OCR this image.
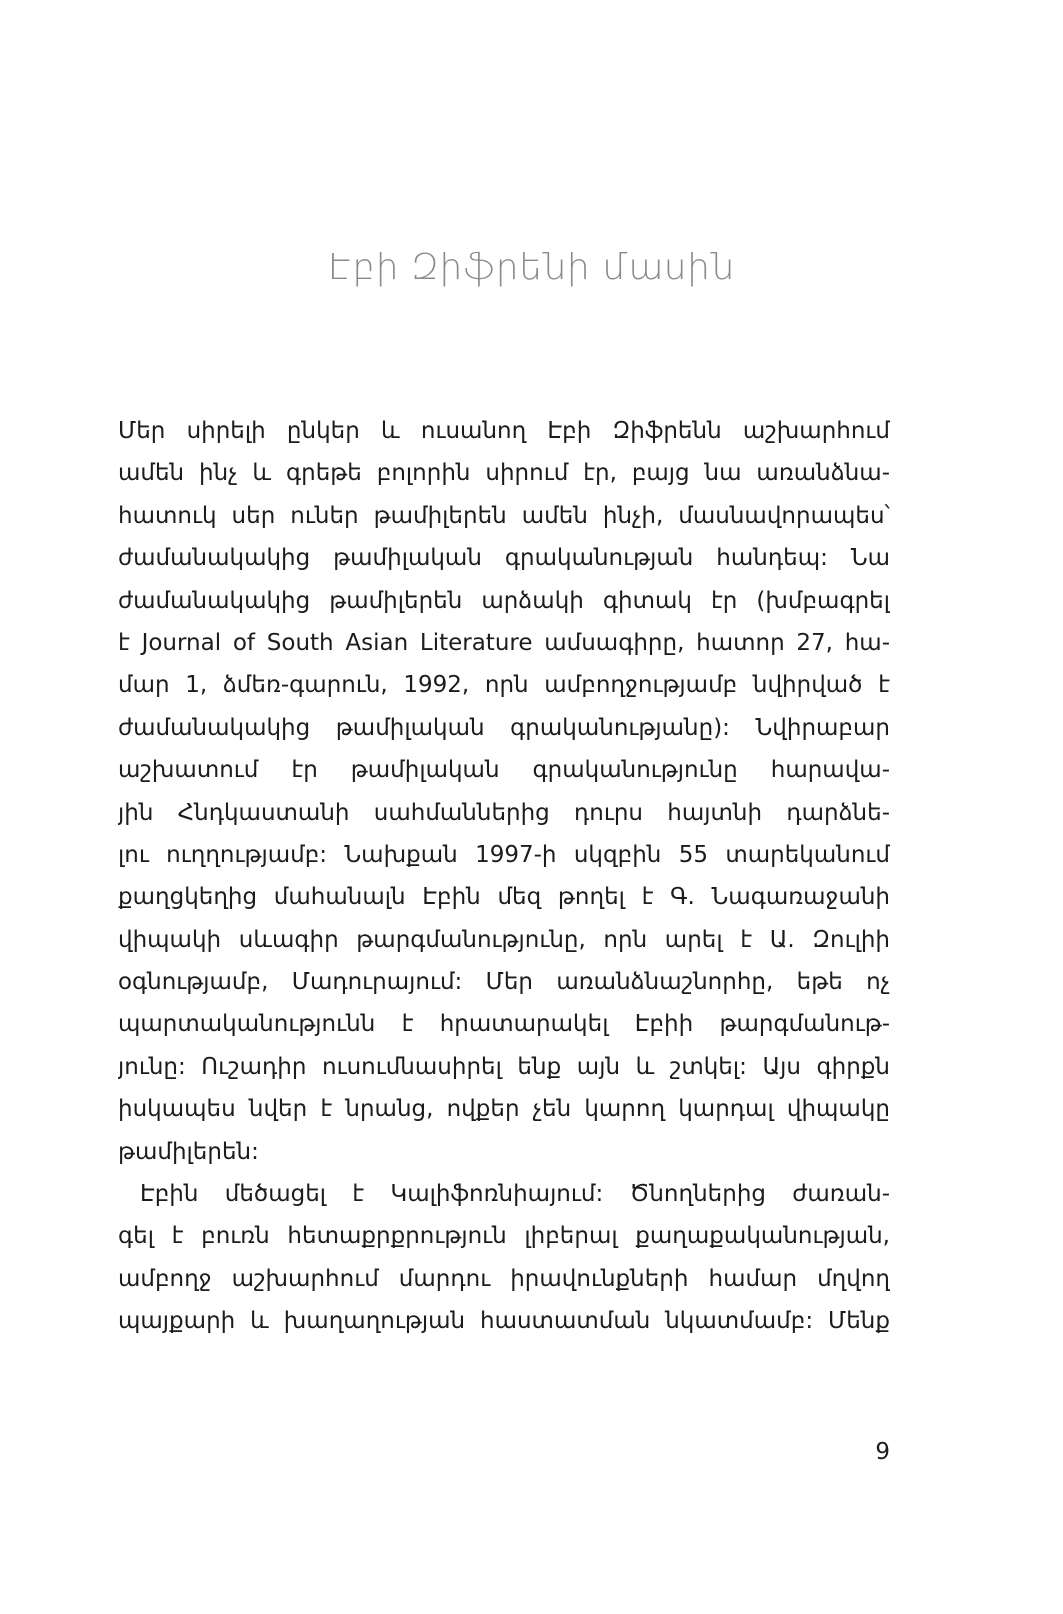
Էբի Զիֆրենի մասին
Մեր սիրելի ընկեր և ուսանող Էբի Զիֆրենն աշխարհում
ամեն ինչ և գրեթե բոլորին սիրում էր, բայց նա առանձնա-
հատուկ սեր ուներ թամիլերեն ամեն ինչի, մասնավորապես՝
ժամանակակից թամիլական գրականության հանդեպ: Նա
ժամանակակից թամիլերեն արձակի գիտակ էր (խմբագրել
է Journal of South Asian Literature ամսագիրը, հատոր 27, հա-
մար 1, ձմեռ-գարուն, 1992, որն ամբողջությամբ նվիրված է
ժամանակակից թամիլական գրականությանը): Նվիրաբար
աշխատում էր թամիլական գրականությունը հարավա-
յին Հնդկաստանի սահմաններից դուրս հայտնի դարձնե-
լու ուղղությամբ: Նախքան 1997-ի սկզբին 55 տարեկանում
քաղցկեղից մահանալն Էբին մեզ թողել է Գ. Նագառաջանի
վիպակի սևագիր թարգմանությունը, որն արել է Ա. Զուլիի
օգնությամբ, Մադուրայում: Մեր առանձնաշնորհը, եթե ոչ
պարտականությունն է հրատարակել Էբիի թարգմանութ-
յունը: Ուշադիր ուսումնասիրել ենք այն և շտկել: Այս գիրքն
իսկապես նվեր է նրանց, ովքեր չեն կարող կարդալ վիպակը
թամիլերեն:
Էբին մեծացել է Կալիֆոռնիայում: Ծնողներից ժառան-
գել է բուռն հետաքրքրություն լիբերալ քաղաքականության,
ամբողջ աշխարհում մարդու իրավունքների համար մղվող
պայքարի և խաղաղության հաստատման նկատմամբ: Մենք
9
